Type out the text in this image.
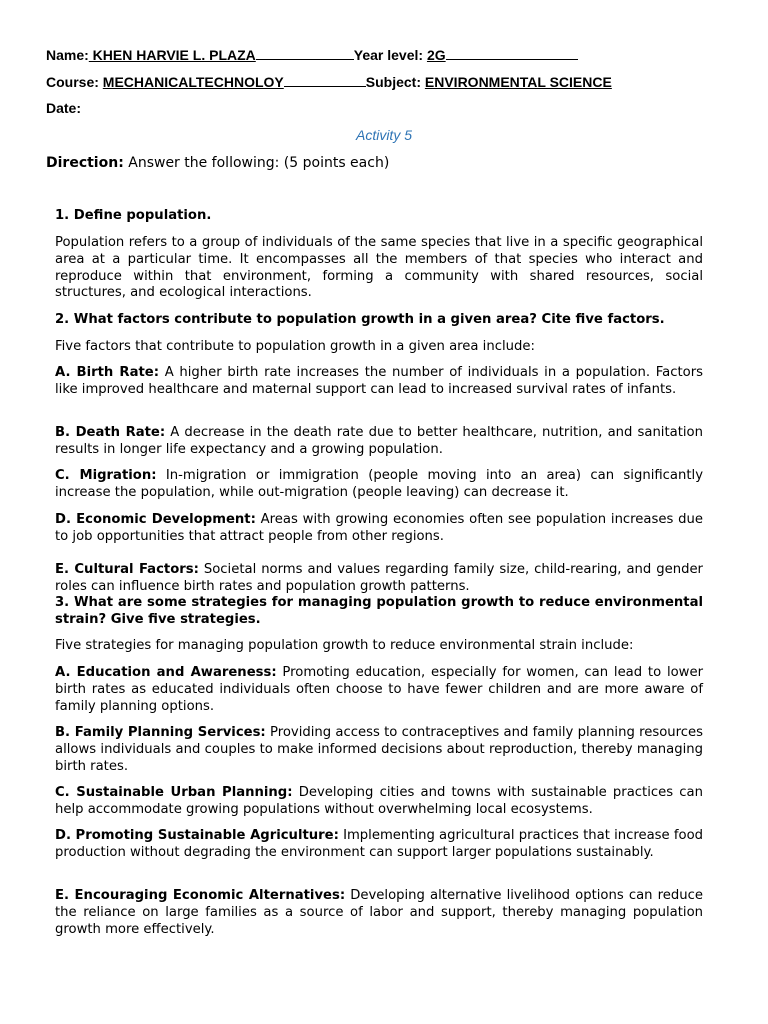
Name: KHEN HARVIE L. PLAZA	Year level: 2G
Course: MECHANICALTECHNOLOY	Subject: ENVIRONMENTAL SCIENCE
Date:
Activity 5
Direction: Answer the following: (5 points each)

1. Define population.

Population refers to a group of individuals of the same species that live in a specific geographical area at a particular time. It encompasses all the members of that species who interact and reproduce within that environment, forming a community with shared resources, social structures, and ecological interactions.

2. What factors contribute to population growth in a given area? Cite five factors.

Five factors that contribute to population growth in a given area include:

A. Birth Rate: A higher birth rate increases the number of individuals in a population. Factors like improved healthcare and maternal support can lead to increased survival rates of infants.

B. Death Rate: A decrease in the death rate due to better healthcare, nutrition, and sanitation results in longer life expectancy and a growing population.

C. Migration: In-migration or immigration (people moving into an area) can significantly increase the population, while out-migration (people leaving) can decrease it.

D. Economic Development: Areas with growing economies often see population increases due to job opportunities that attract people from other regions.

E. Cultural Factors: Societal norms and values regarding family size, child-rearing, and gender roles can influence birth rates and population growth patterns.

3. What are some strategies for managing population growth to reduce environmental strain? Give five strategies.

Five strategies for managing population growth to reduce environmental strain include:

A. Education and Awareness: Promoting education, especially for women, can lead to lower birth rates as educated individuals often choose to have fewer children and are more aware of family planning options.

B. Family Planning Services: Providing access to contraceptives and family planning resources allows individuals and couples to make informed decisions about reproduction, thereby managing birth rates.

C. Sustainable Urban Planning: Developing cities and towns with sustainable practices can help accommodate growing populations without overwhelming local ecosystems.

D. Promoting Sustainable Agriculture: Implementing agricultural practices that increase food production without degrading the environment can support larger populations sustainably.

E. Encouraging Economic Alternatives: Developing alternative livelihood options can reduce the reliance on large families as a source of labor and support, thereby managing population growth more effectively.
